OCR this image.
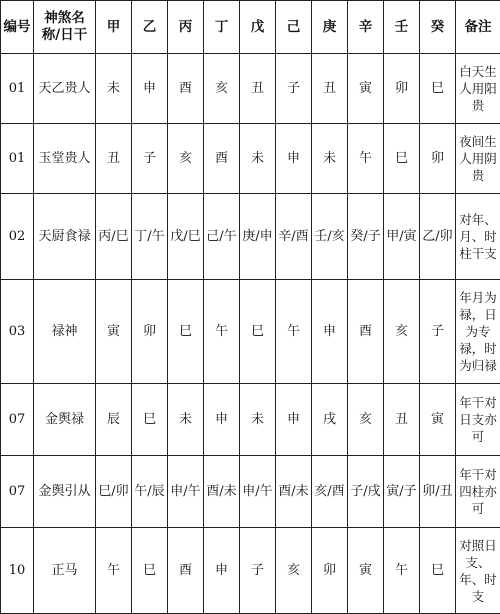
编号	神煞名称/日干	甲	乙	丙	丁	戊	己	庚	辛	壬	癸	备注
01	天乙贵人	未	申	酉	亥	丑	子	丑	寅	卯	巳	白天生人用阳贵
01	玉堂贵人	丑	子	亥	酉	未	申	未	午	巳	卯	夜间生人用阴贵
02	天厨食禄	丙/巳	丁/午	戊/巳	己/午	庚/申	辛/酉	壬/亥	癸/子	甲/寅	乙/卯	对年、月、时柱干支
03	禄神	寅	卯	巳	午	巳	午	申	酉	亥	子	年月为禄，日为专禄，时为归禄
07	金舆禄	辰	巳	未	申	未	申	戌	亥	丑	寅	年干对日支亦可
07	金舆引从	巳/卯	午/辰	申/午	酉/未	申/午	酉/未	亥/酉	子/戌	寅/子	卯/丑	年干对四柱亦可
10	正马	午	巳	酉	申	子	亥	卯	寅	午	巳	对照日支、年、时支
